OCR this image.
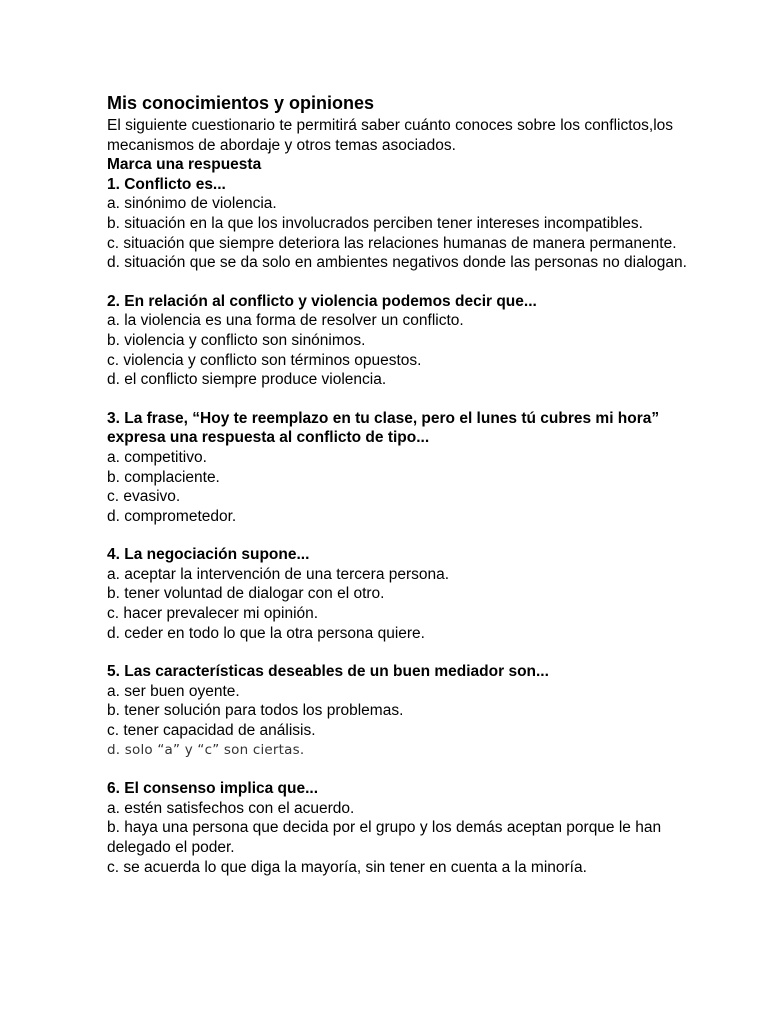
Mis conocimientos y opiniones

El siguiente cuestionario te permitirá saber cuánto conoces sobre los conflictos,los mecanismos de abordaje y otros temas asociados.

Marca una respuesta

1. Conflicto es...

a. sinónimo de violencia.

b. situación en la que los involucrados perciben tener intereses incompatibles.

c. situación que siempre deteriora las relaciones humanas de manera permanente.

d. situación que se da solo en ambientes negativos donde las personas no dialogan.

2. En relación al conflicto y violencia podemos decir que...

a. la violencia es una forma de resolver un conflicto.

b. violencia y conflicto son sinónimos.

c. violencia y conflicto son términos opuestos.

d. el conflicto siempre produce violencia.

3. La frase, “Hoy te reemplazo en tu clase, pero el lunes tú cubres mi hora” expresa una respuesta al conflicto de tipo...

a. competitivo.

b. complaciente.

c. evasivo.

d. comprometedor.

4. La negociación supone...

a. aceptar la intervención de una tercera persona.

b. tener voluntad de dialogar con el otro.

c. hacer prevalecer mi opinión.

d. ceder en todo lo que la otra persona quiere.

5. Las características deseables de un buen mediador son...

a. ser buen oyente.

b. tener solución para todos los problemas.

c. tener capacidad de análisis.

d. solo “a” y “c” son ciertas.

6. El consenso implica que...

a. estén satisfechos con el acuerdo.

b. haya una persona que decida por el grupo y los demás aceptan porque le han delegado el poder.

c. se acuerda lo que diga la mayoría, sin tener en cuenta a la minoría.
